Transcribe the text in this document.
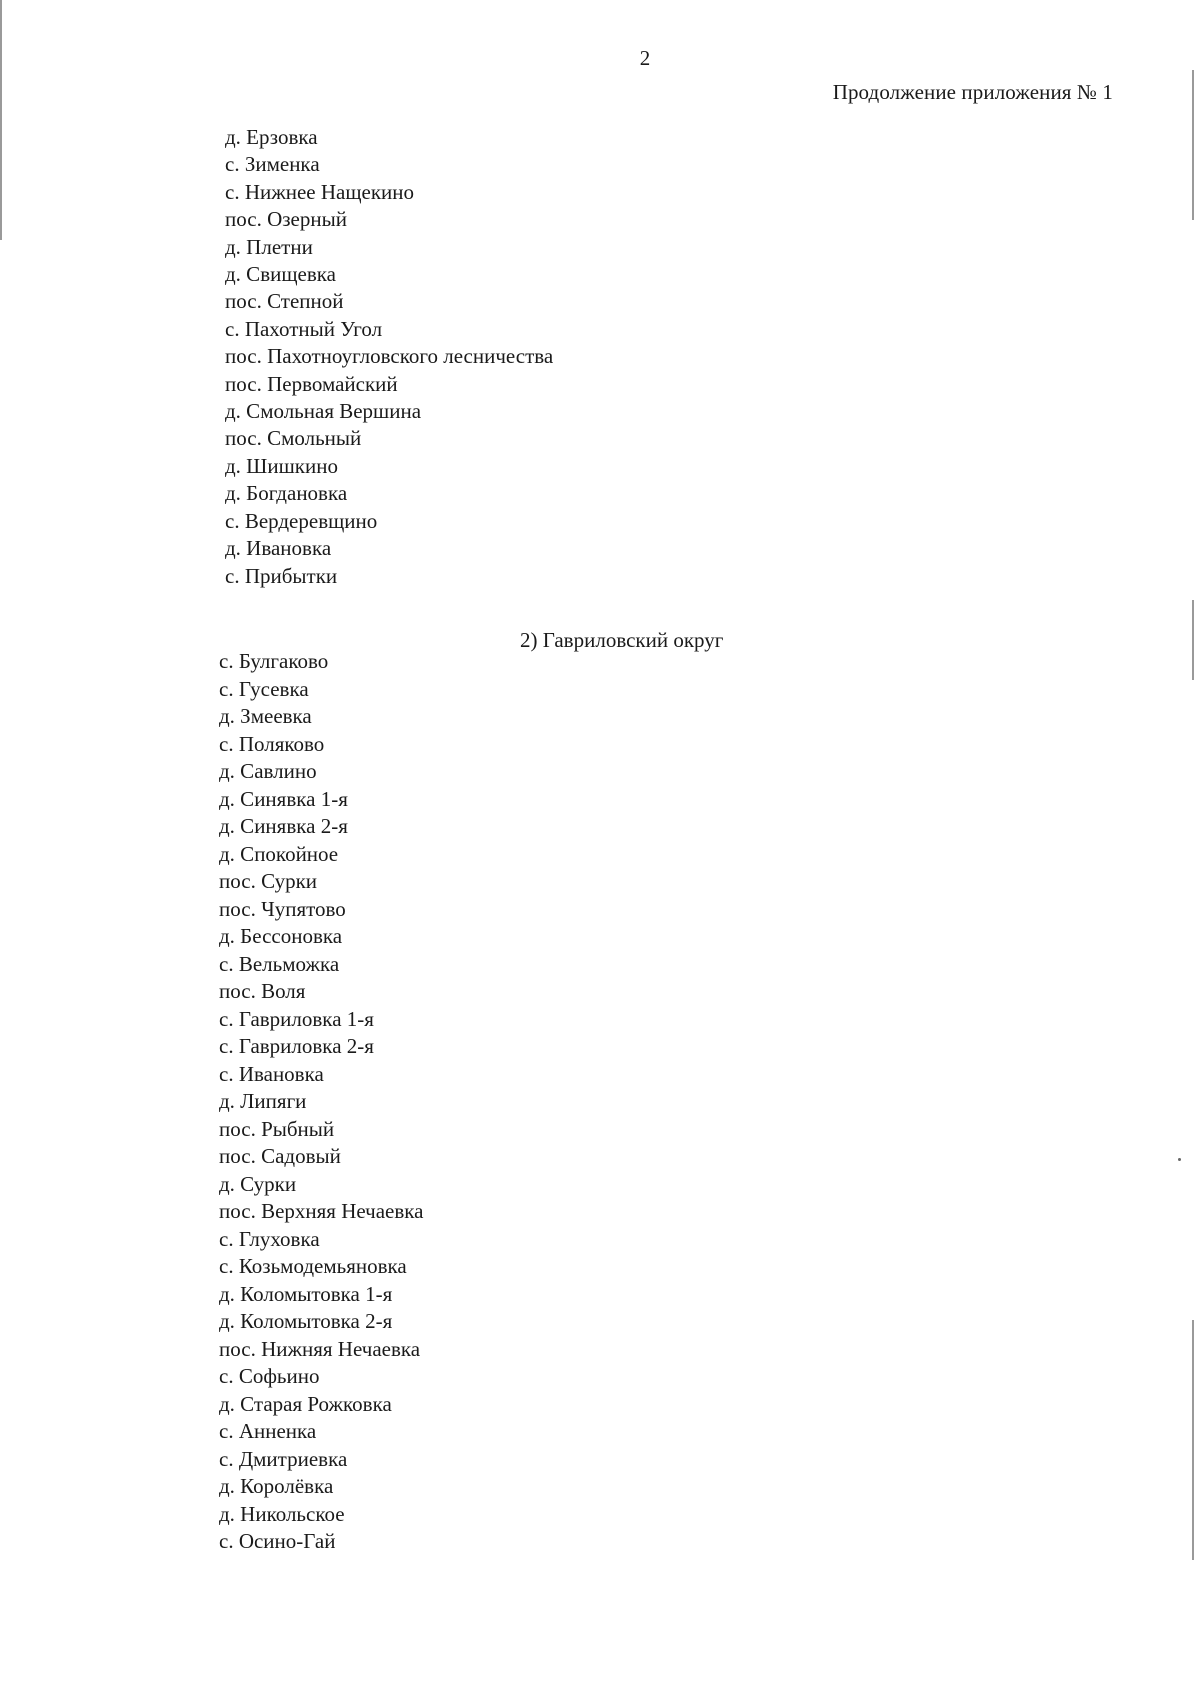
2
Продолжение приложения № 1
д. Ерзовка
с. Зименка
с. Нижнее Нащекино
пос. Озерный
д. Плетни
д. Свищевка
пос. Степной
с. Пахотный Угол
пос. Пахотноугловского лесничества
пос. Первомайский
д. Смольная Вершина
пос. Смольный
д. Шишкино
д. Богдановка
с. Вердеревщино
д. Ивановка
с. Прибытки
2) Гавриловский округ
с. Булгаково
с. Гусевка
д. Змеевка
с. Поляково
д. Савлино
д. Синявка 1-я
д. Синявка 2-я
д. Спокойное
пос. Сурки
пос. Чупятово
д. Бессоновка
с. Вельможка
пос. Воля
с. Гавриловка 1-я
с. Гавриловка 2-я
с. Ивановка
д. Липяги
пос. Рыбный
пос. Садовый
д. Сурки
пос. Верхняя Нечаевка
с. Глуховка
с. Козьмодемьяновка
д. Коломытовка 1-я
д. Коломытовка 2-я
пос. Нижняя Нечаевка
с. Софьино
д. Старая Рожковка
с. Анненка
с. Дмитриевка
д. Королёвка
д. Никольское
с. Осино-Гай
